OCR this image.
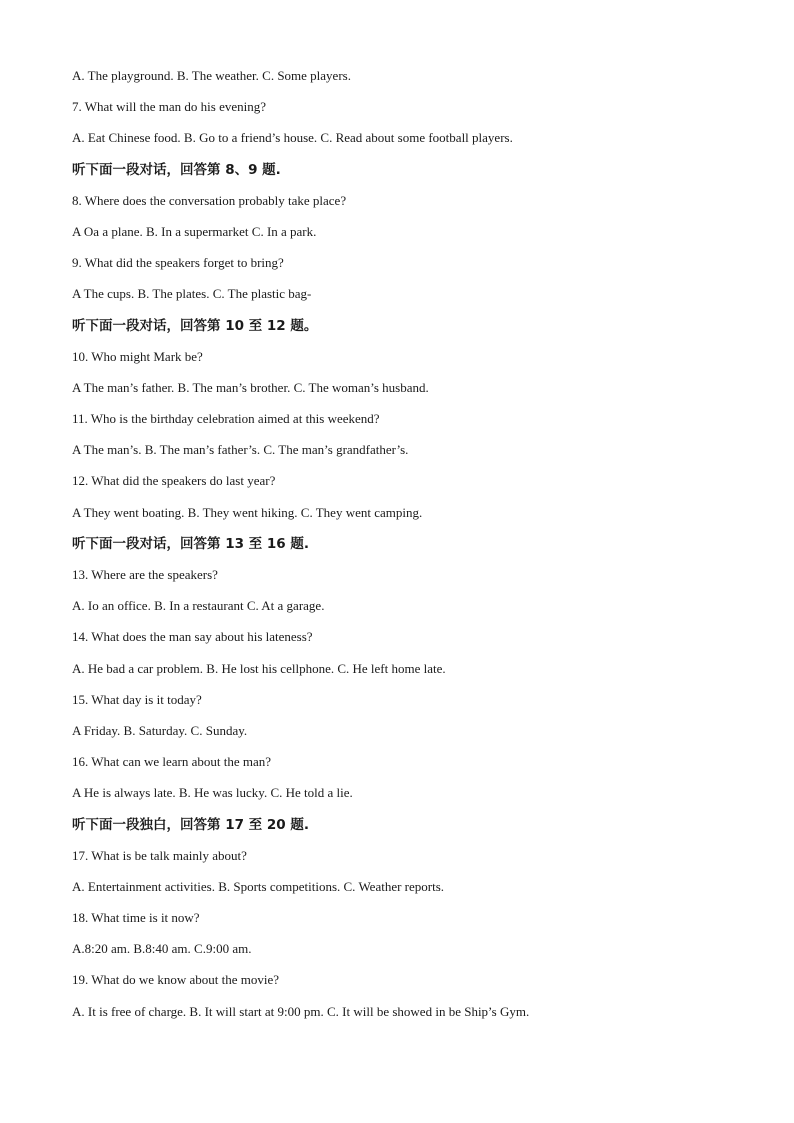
A. The playground. B. The weather. C. Some players.
7. What will the man do his evening?
A. Eat Chinese food. B. Go to a friend’s house. C. Read about some football players.
听下面一段对话，回答第 8、9 题.
8. Where does the conversation probably take place?
A Oa a plane. B. In a supermarket C. In a park.
9. What did the speakers forget to bring?
A The cups. B. The plates. C. The plastic bag-
听下面一段对话，回答第 10 至 12 题。
10. Who might Mark be?
A The man’s father. B. The man’s brother. C. The woman’s husband.
11. Who is the birthday celebration aimed at this weekend?
A The man’s. B. The man’s father’s. C. The man’s grandfather’s.
12. What did the speakers do last year?
A They went boating. B. They went hiking. C. They went camping.
听下面一段对话，回答第 13 至 16 题.
13. Where are the speakers?
A. Io an office. B. In a restaurant C. At a garage.
14. What does the man say about his lateness?
A. He bad a car problem. B. He lost his cellphone. C. He left home late.
15. What day is it today?
A Friday. B. Saturday. C. Sunday.
16. What can we learn about the man?
A He is always late. B. He was lucky. C. He told a lie.
听下面一段独白，回答第 17 至 20 题.
17. What is be talk mainly about?
A. Entertainment activities. B. Sports competitions. C. Weather reports.
18. What time is it now?
A.8:20 am. B.8:40 am. C.9:00 am.
19. What do we know about the movie?
A. It is free of charge. B. It will start at 9:00 pm. C. It will be showed in be Ship’s Gym.
